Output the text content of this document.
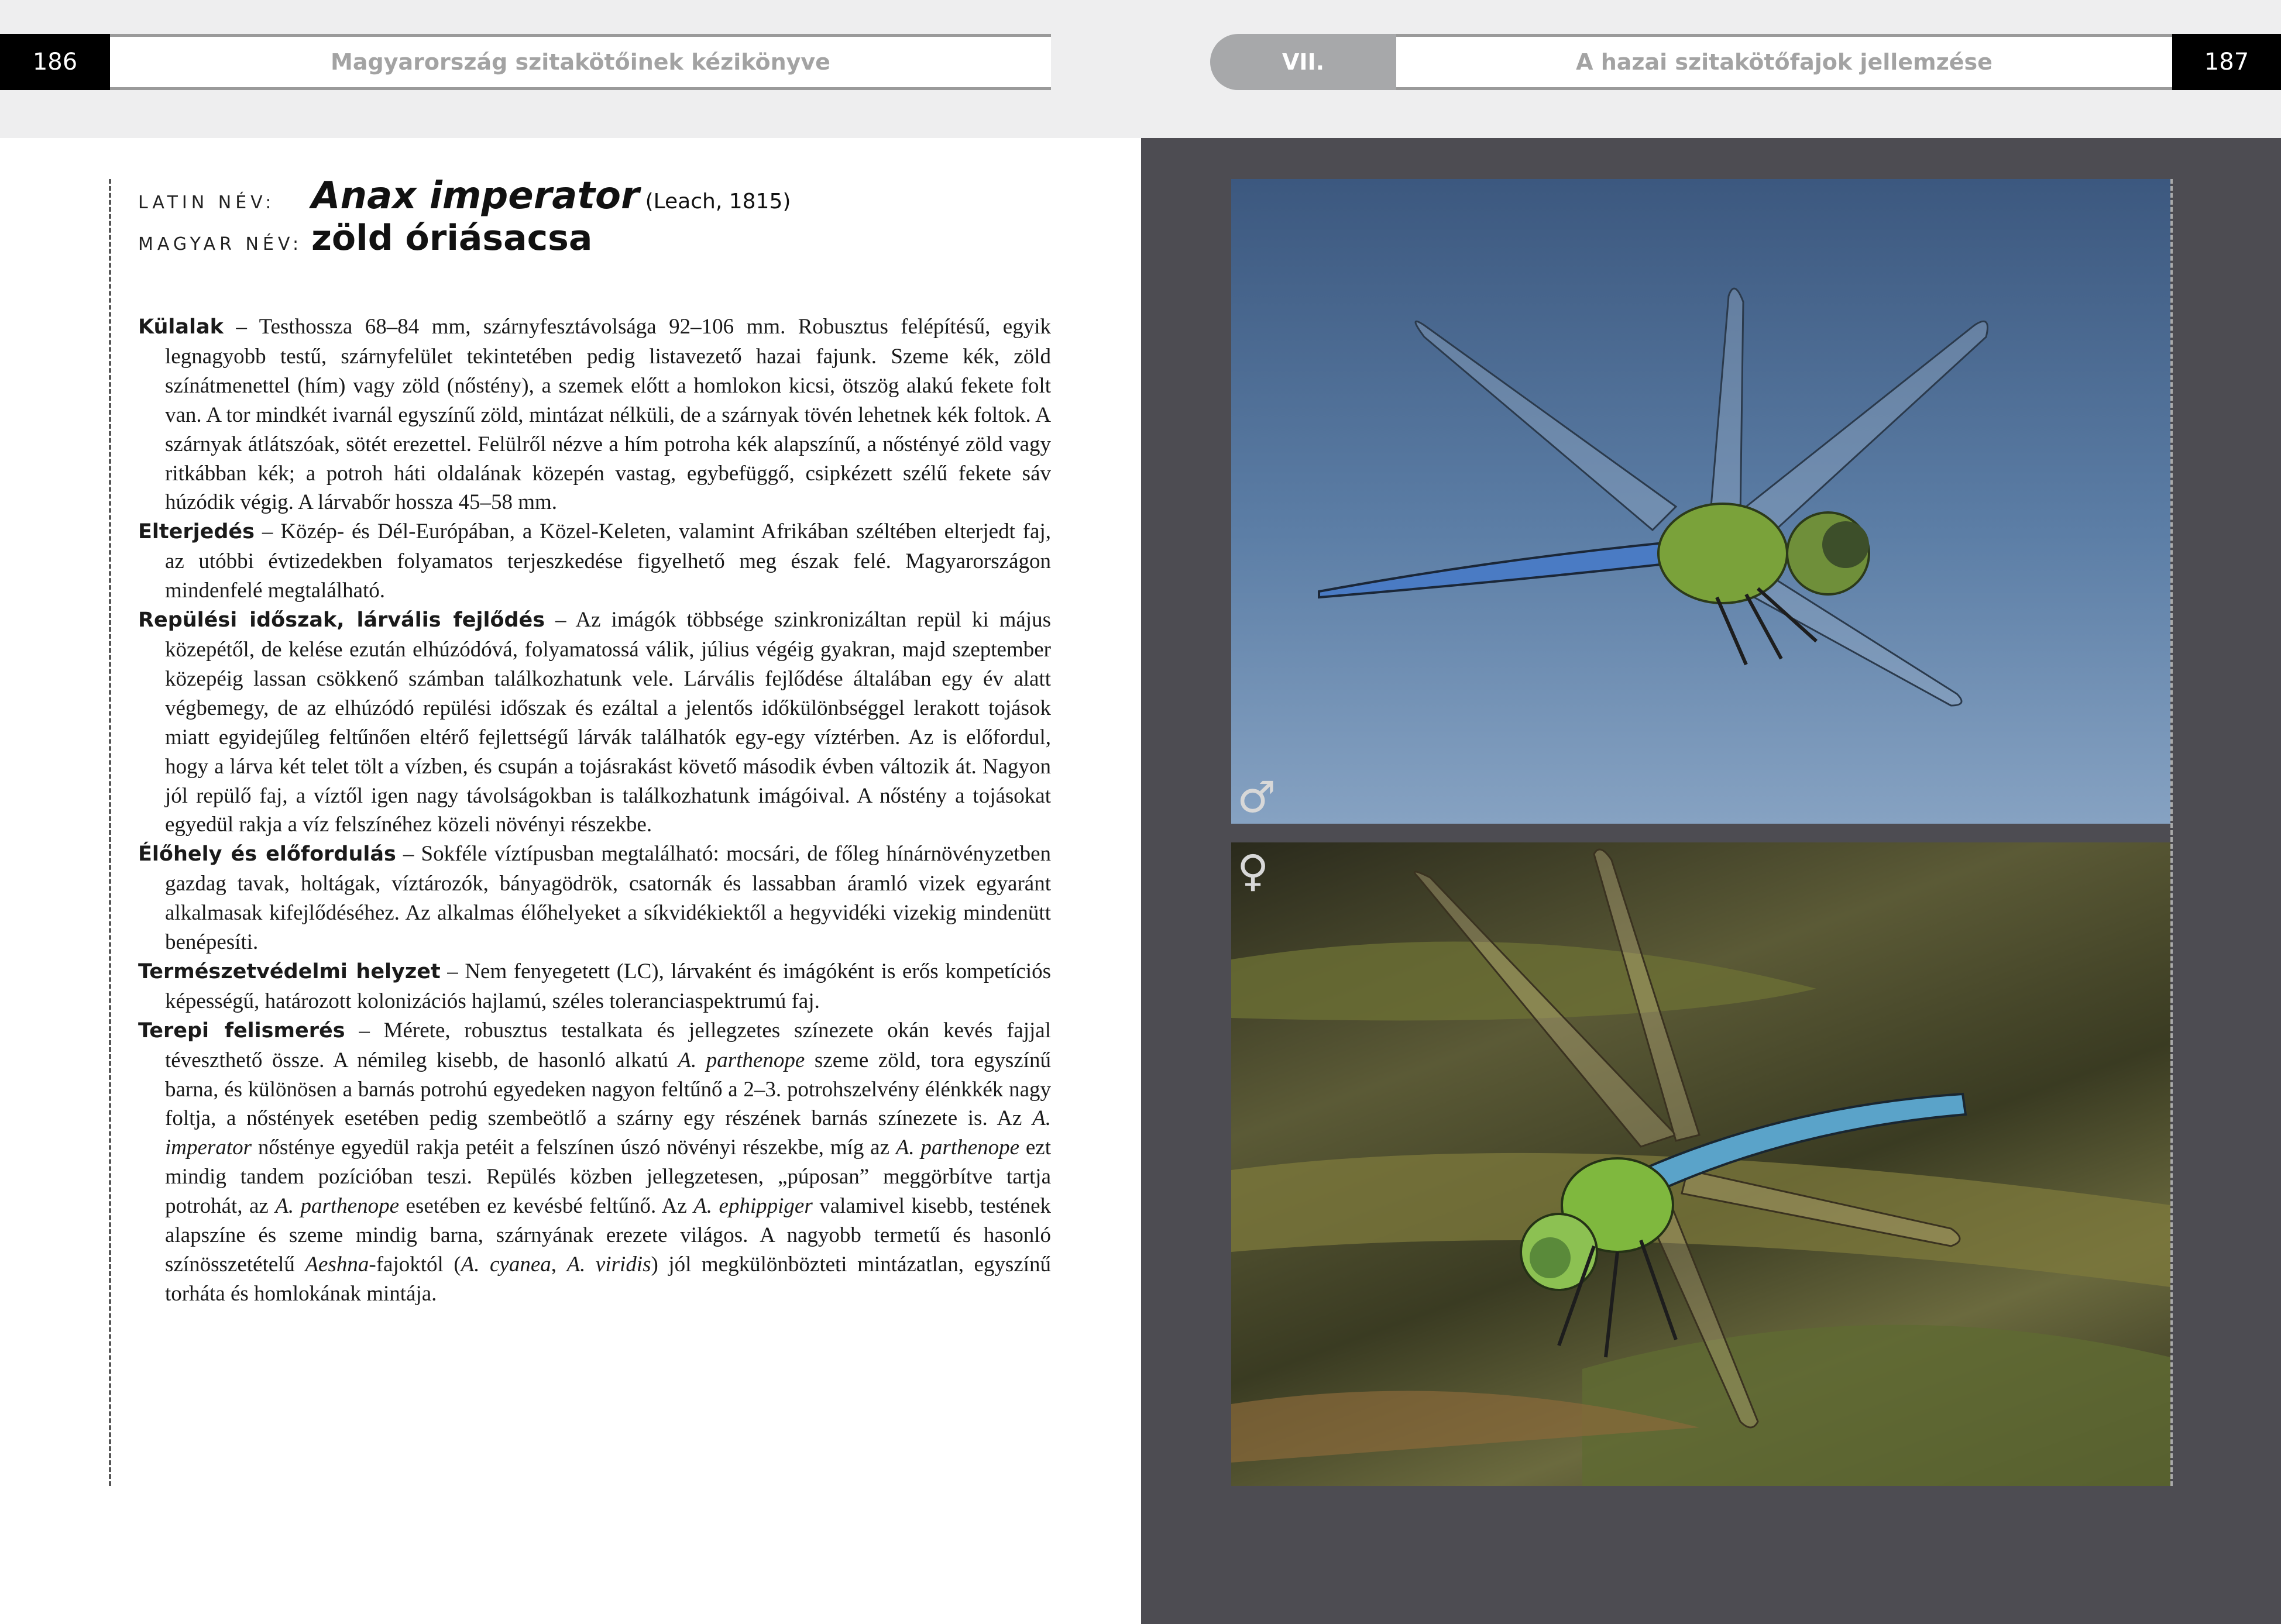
186	Magyarország szitakötőinek kézikönyve	VII.	A hazai szitakötőfajok jellemzése	187
LATIN NÉV: Anax imperator (Leach, 1815)
MAGYAR NÉV: zöld óriásacsa

Külalak – Testhossza 68–84 mm, szárnyfesztávolsága 92–106 mm. Robusztus felépítésű, egyik legnagyobb testű, szárnyfelület tekintetében pedig listavezető hazai fajunk. Szeme kék, zöld színátmenettel (hím) vagy zöld (nőstény), a szemek előtt a homlokon kicsi, ötszög alakú fekete folt van. A tor mindkét ivarnál egyszínű zöld, mintázat nélküli, de a szárnyak tövén lehetnek kék foltok. A szárnyak átlátszóak, sötét erezettel. Felülről nézve a hím potroha kék alapszínű, a nőstényé zöld vagy ritkábban kék; a potroh háti oldalának közepén vastag, egybefüggő, csipkézett szélű fekete sáv húzódik végig. A lárvabőr hossza 45–58 mm.

Elterjedés – Közép- és Dél-Európában, a Közel-Keleten, valamint Afrikában széltében elterjedt faj, az utóbbi évtizedekben folyamatos terjeszkedése figyelhető meg észak felé. Magyarországon mindenfelé megtalálható.

Repülési időszak, lárvális fejlődés – Az imágók többsége szinkronizáltan repül ki május közepétől, de kelése ezután elhúzódóvá, folyamatossá válik, július végéig gyakran, majd szeptember közepéig lassan csökkenő számban találkozhatunk vele. Lárvális fejlődése általában egy év alatt végbemegy, de az elhúzódó repülési időszak és ezáltal a jelentős időkülönbséggel lerakott tojások miatt egyidejűleg feltűnően eltérő fejlettségű lárvák találhatók egy-egy víztérben. Az is előfordul, hogy a lárva két telet tölt a vízben, és csupán a tojásrakást követő második évben változik át. Nagyon jól repülő faj, a víztől igen nagy távolságokban is találkozhatunk imágóival. A nőstény a tojásokat egyedül rakja a víz felszínéhez közeli növényi részekbe.

Élőhely és előfordulás – Sokféle víztípusban megtalálható: mocsári, de főleg hínárnövényzetben gazdag tavak, holtágak, víztározók, bányagödrök, csatornák és lassabban áramló vizek egyaránt alkalmasak kifejlődéséhez. Az alkalmas élőhelyeket a síkvidékiektől a hegyvidéki vizekig mindenütt benépesíti.

Természetvédelmi helyzet – Nem fenyegetett (LC), lárvaként és imágóként is erős kompetíciós képességű, határozott kolonizációs hajlamú, széles toleranciaspektrumú faj.

Terepi felismerés – Mérete, robusztus testalkata és jellegzetes színezete okán kevés fajjal téveszthető össze. A némileg kisebb, de hasonló alkatú A. parthenope szeme zöld, tora egyszínű barna, és különösen a barnás potrohú egyedeken nagyon feltűnő a 2–3. potrohszelvény élénkkék nagy foltja, a nőstények esetében pedig szembeötlő a szárny egy részének barnás színezete is. Az A. imperator nősténye egyedül rakja petéit a felszínen úszó növényi részekbe, míg az A. parthenope ezt mindig tandem pozícióban teszi. Repülés közben jellegzetesen, „púposan” meggörbítve tartja potrohát, az A. parthenope esetében ez kevésbé feltűnő. Az A. ephippiger valamivel kisebb, testének alapszíne és szeme mindig barna, szárnyának erezete világos. A nagyobb termetű és hasonló színösszetételű Aeshna-fajoktól (A. cyanea, A. viridis) jól megkülönbözteti mintázatlan, egyszínű torháta és homlokának mintája.

♂
♀
